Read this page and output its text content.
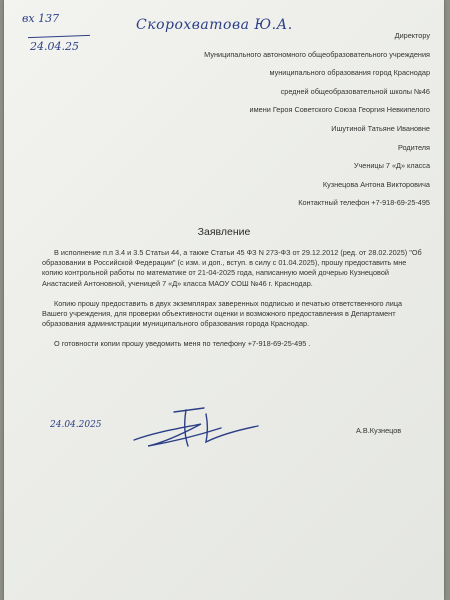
вх 137
24.04.25
Скорохватова Ю.А.
Директору
Муниципального автономного общеобразовательного учреждения
муниципального образования город Краснодар
средней общеобразовательной школы №46
имени Героя Советского Союза Георгия Невкипелого
Ишутиной Татьяне Ивановне
Родителя
Ученицы 7 «Д» класса
Кузнецова Антона Викторовича
Контактный телефон +7-918-69-25-495
Заявление

В исполнение п.п 3.4 и 3.5 Статьи 44, а также Статьи 45 ФЗ N 273-ФЗ от 29.12.2012 (ред. от 28.02.2025) "Об образовании в Российской Федерации" (с изм. и доп., вступ. в силу с 01.04.2025), прошу предоставить мне копию контрольной работы по математике от 21-04-2025 года, написанную моей дочерью Кузнецовой Анастасией Антоновной, ученицей 7 «Д» класса МАОУ СОШ №46 г. Краснодар.

Копию прошу предоставить в двух экземплярах заверенных подписью и печатью ответственного лица Вашего учреждения, для проверки объективности оценки и возможного предоставления в Департамент образования администрации муниципального образования города Краснодар.

О готовности копии прошу уведомить меня по телефону +7-918-69-25-495 .

24.04.2025
А.В.Кузнецов
